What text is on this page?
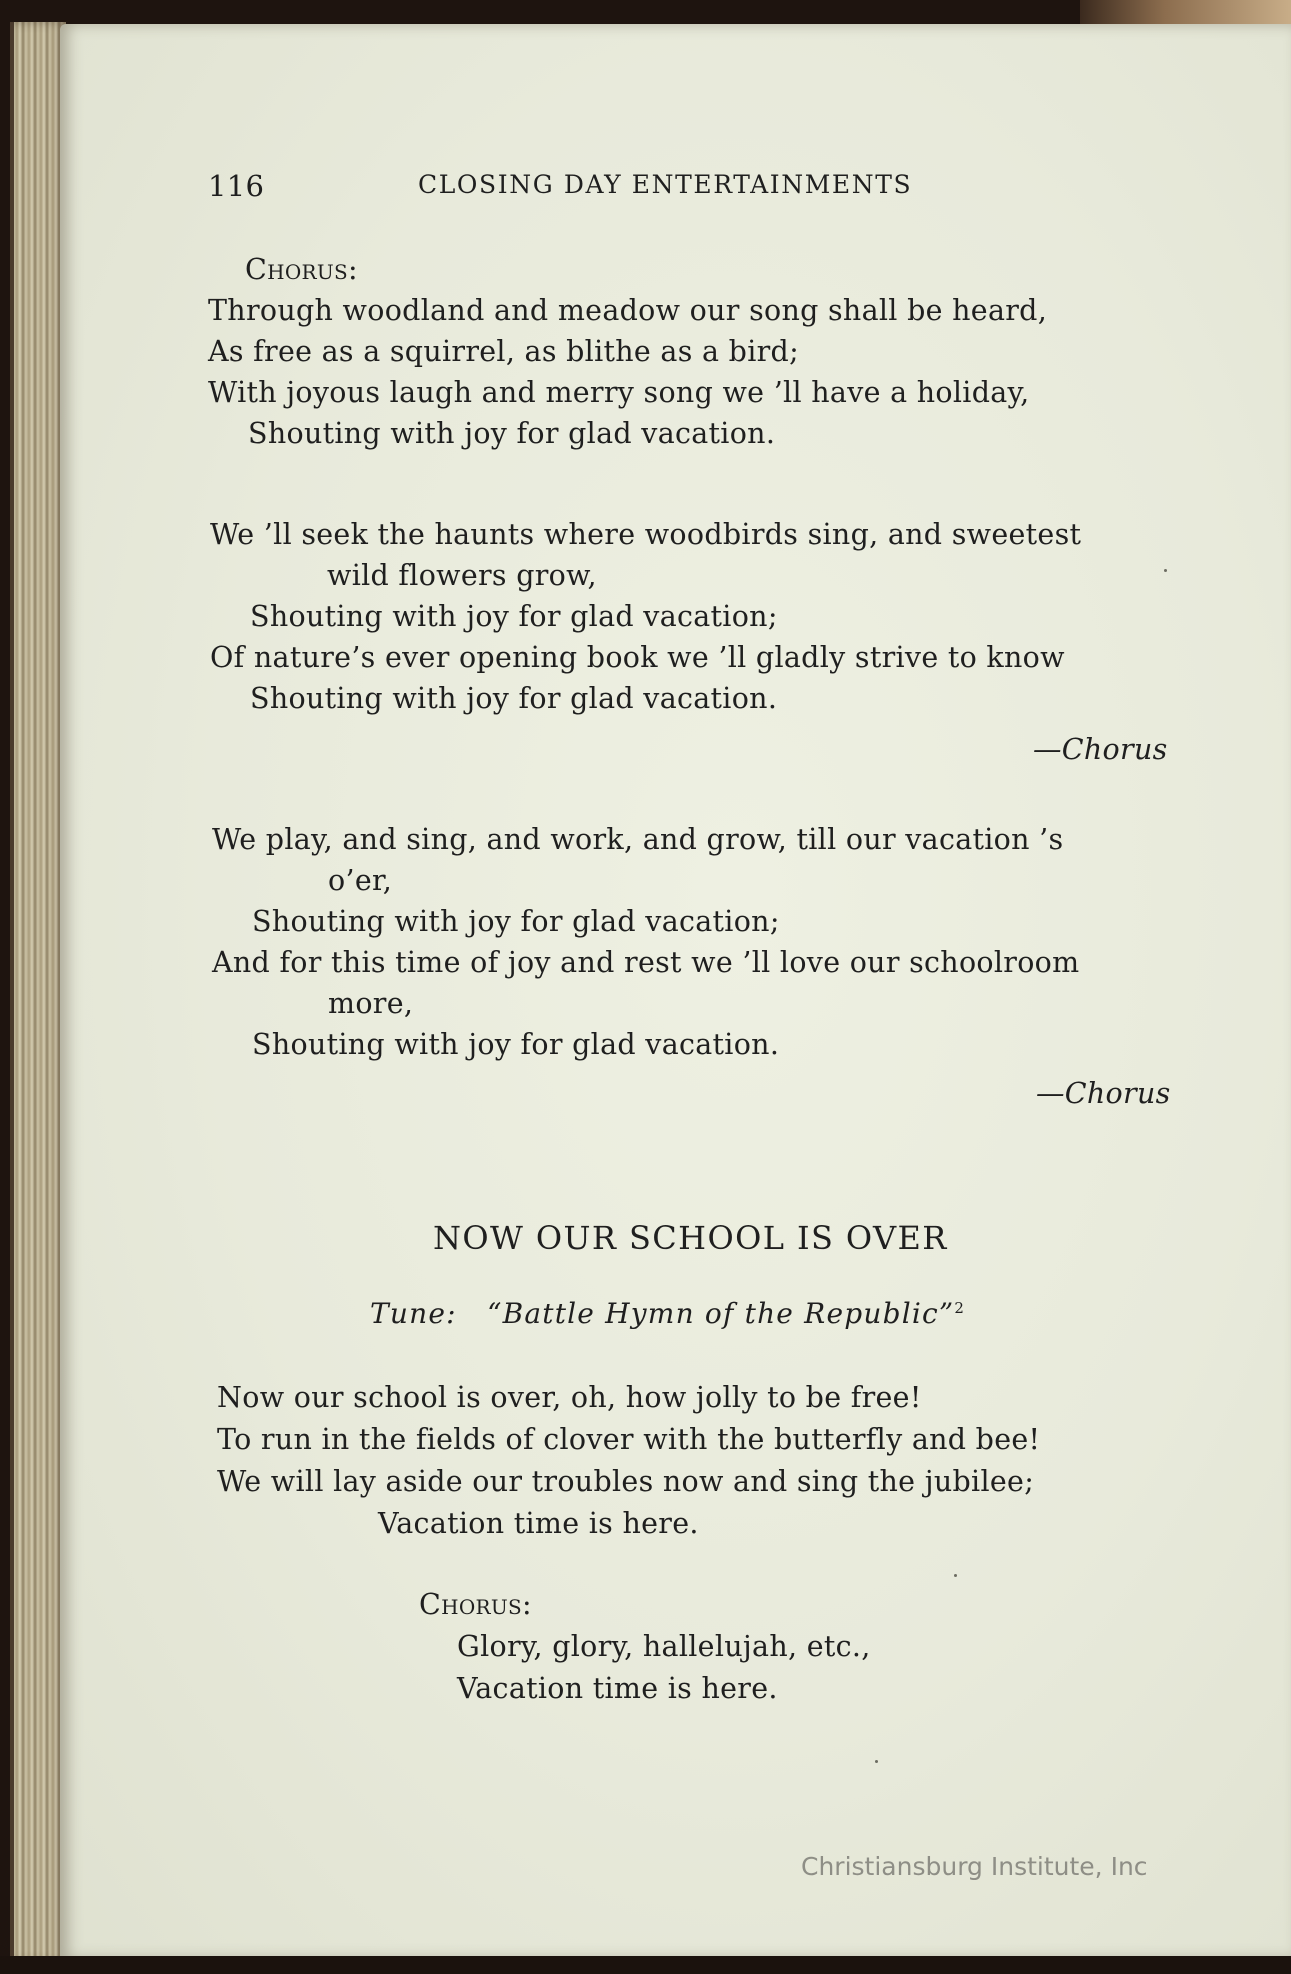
116	CLOSING DAY ENTERTAINMENTS
Chorus:
Through woodland and meadow our song shall be heard,
As free as a squirrel, as blithe as a bird;
With joyous laugh and merry song we ’ll have a holiday,
Shouting with joy for glad vacation.
We ’ll seek the haunts where woodbirds sing, and sweetest
wild flowers grow,
Shouting with joy for glad vacation;
Of nature’s ever opening book we ’ll gladly strive to know
Shouting with joy for glad vacation.
—Chorus
We play, and sing, and work, and grow, till our vacation ’s
o’er,
Shouting with joy for glad vacation;
And for this time of joy and rest we ’ll love our schoolroom
more,
Shouting with joy for glad vacation.
—Chorus
NOW OUR SCHOOL IS OVER
Tune: “Battle Hymn of the Republic”$^2$
Now our school is over, oh, how jolly to be free!
To run in the fields of clover with the butterfly and bee!
We will lay aside our troubles now and sing the jubilee;
Vacation time is here.
Chorus:
Glory, glory, hallelujah, etc.,
Vacation time is here.
Christiansburg Institute, Inc
